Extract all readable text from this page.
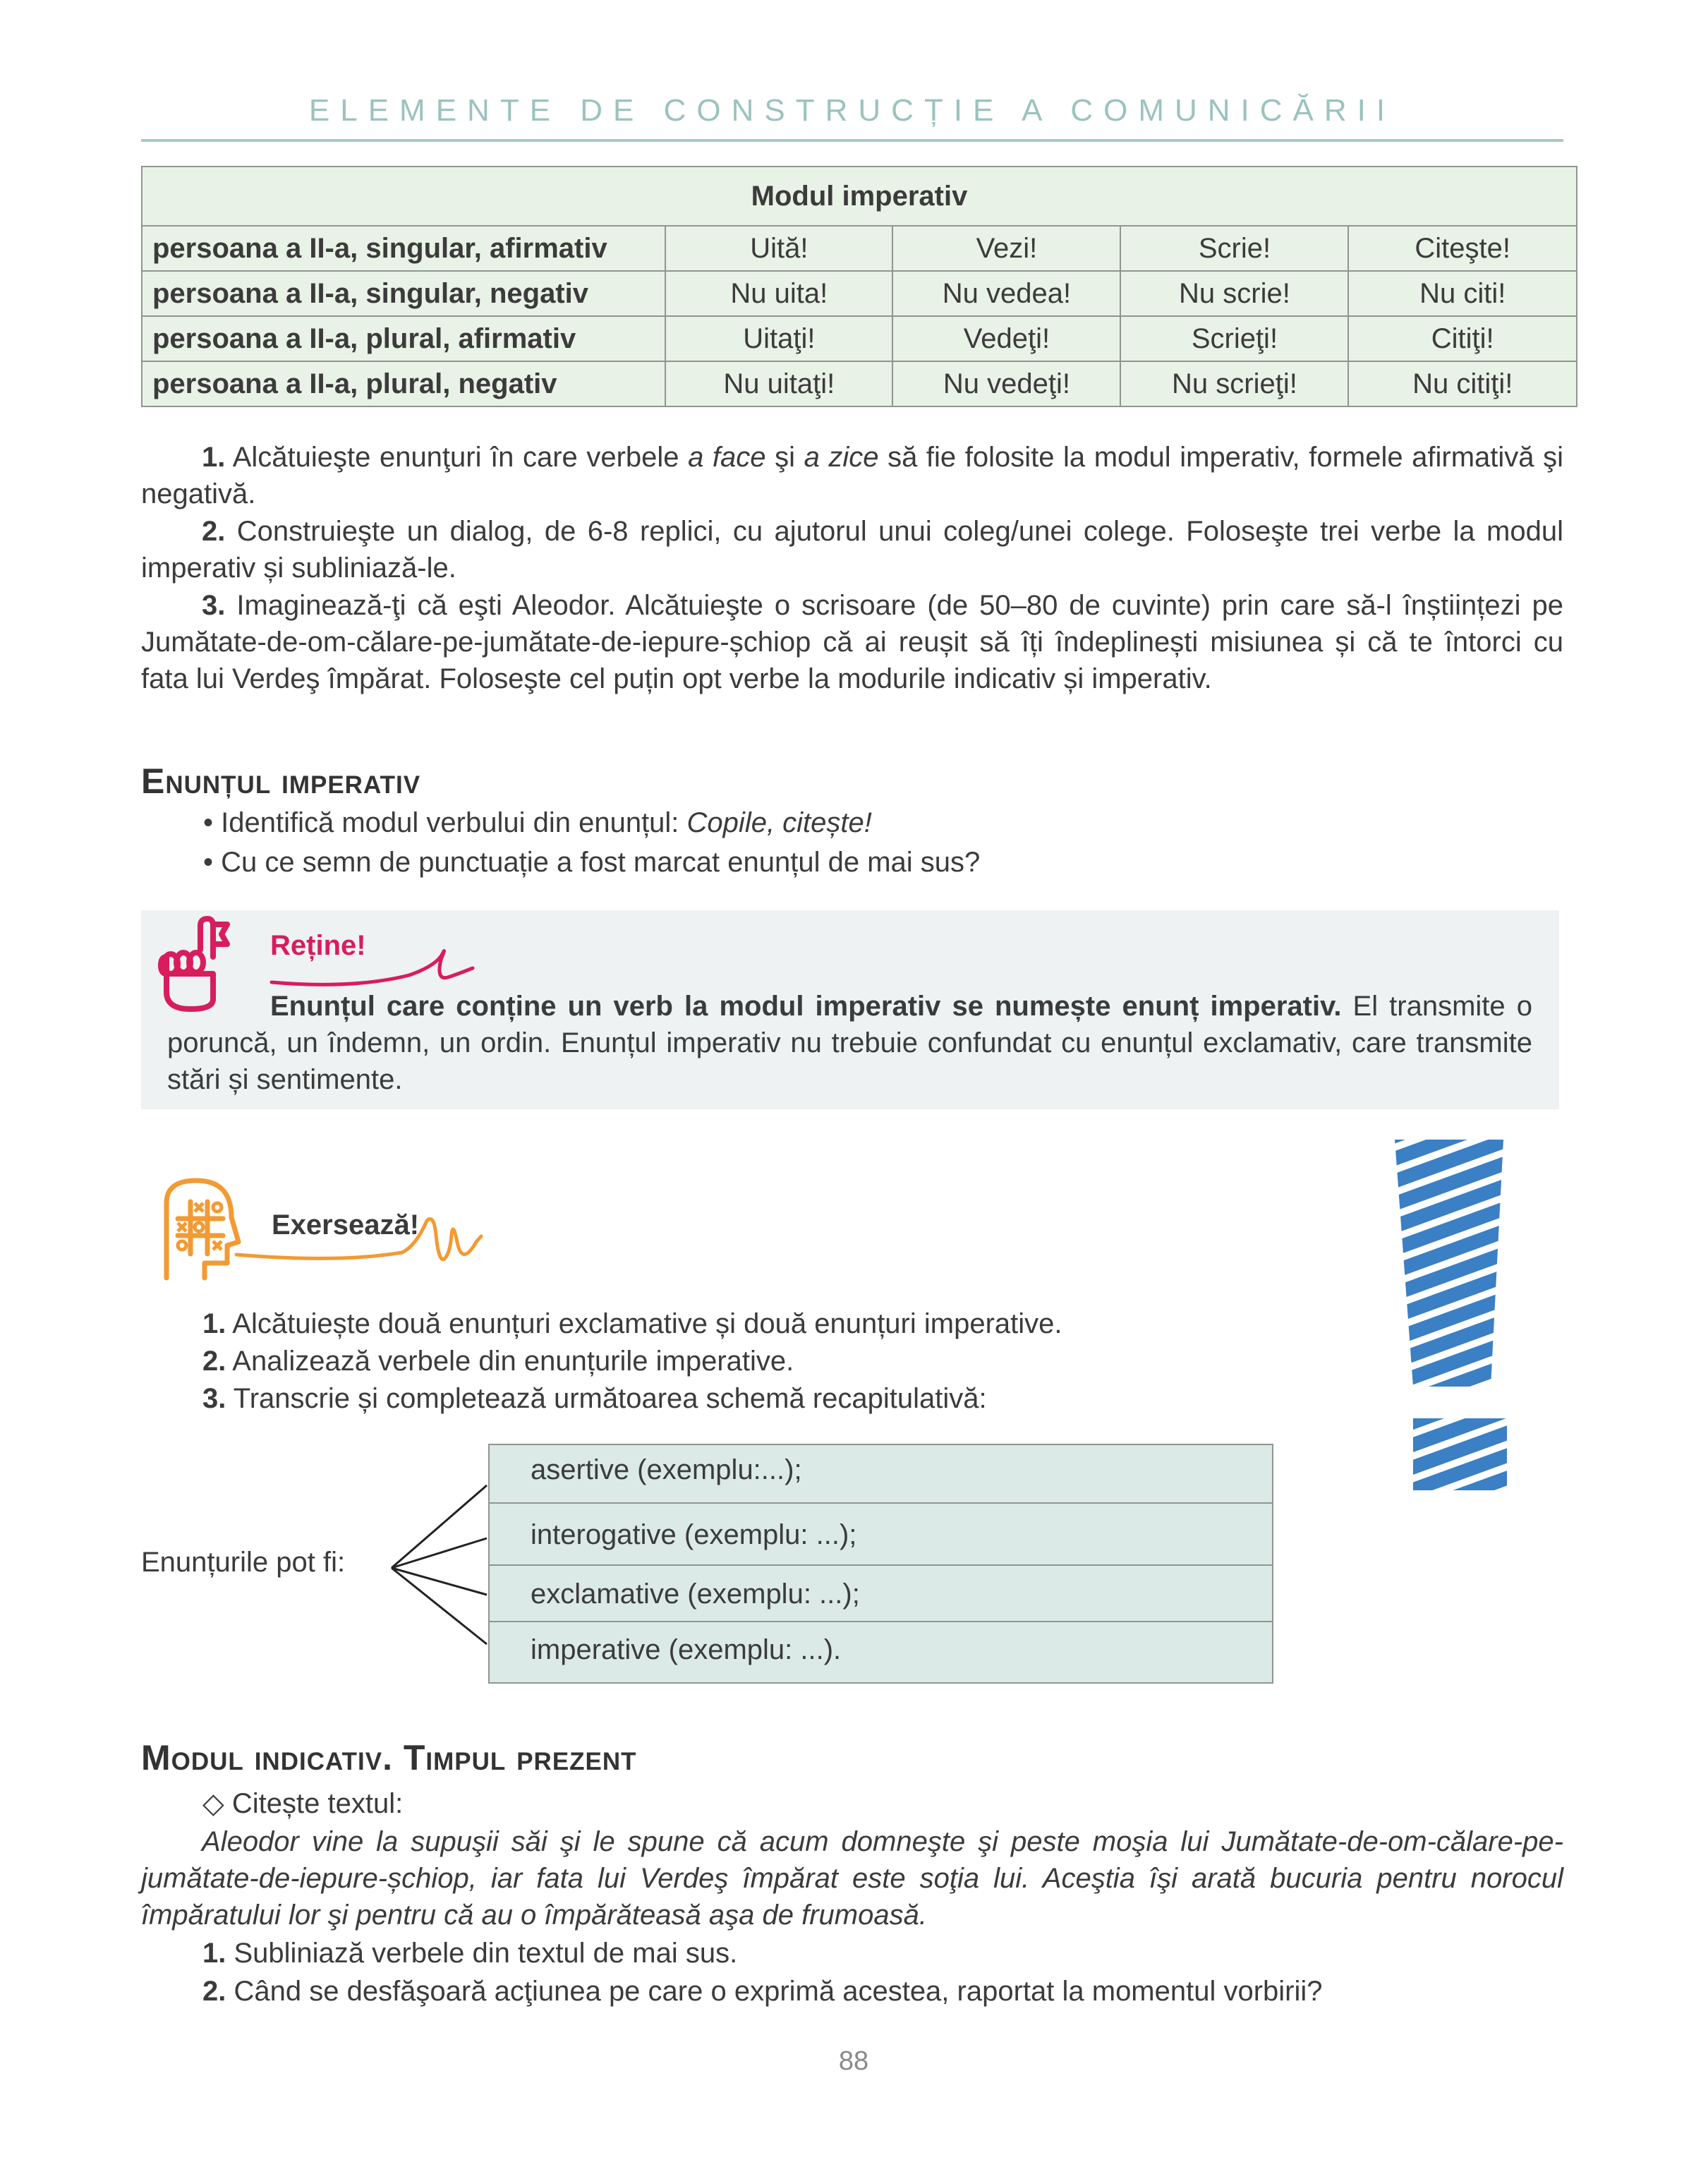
ELEMENTE DE CONSTRUCȚIE A COMUNICĂRII
Modul imperativ				
persoana a II-a, singular, afirmativ	Uită!	Vezi!	Scrie!	Citeşte!
persoana a II-a, singular, negativ	Nu uita!	Nu vedea!	Nu scrie!	Nu citi!
persoana a II-a, plural, afirmativ	Uitaţi!	Vedeţi!	Scrieţi!	Citiţi!
persoana a II-a, plural, negativ	Nu uitaţi!	Nu vedeţi!	Nu scrieţi!	Nu citiţi!
1. Alcătuieşte enunţuri în care verbele a face şi a zice să fie folosite la modul imperativ, formele afirmativă şi negativă.
2. Construieşte un dialog, de 6-8 replici, cu ajutorul unui coleg/unei colege. Foloseşte trei verbe la modul imperativ și subliniază-le.
3. Imaginează-ţi că eşti Aleodor. Alcătuieşte o scrisoare (de 50–80 de cuvinte) prin care să-l înștiințezi pe Jumătate-de-om-călare-pe-jumătate-de-iepure-șchiop că ai reușit să îți îndeplinești misiunea și că te întorci cu fata lui Verdeş împărat. Foloseşte cel puțin opt verbe la modurile indicativ și imperativ.
Enunțul imperativ
• Identifică modul verbului din enunțul: Copile, citește!
• Cu ce semn de punctuație a fost marcat enunțul de mai sus?
Reține!
Enunțul care conține un verb la modul imperativ se numește enunț imperativ. El transmite o poruncă, un îndemn, un ordin. Enunțul imperativ nu trebuie confundat cu enunțul exclamativ, care transmite stări și sentimente.
Exersează!
1. Alcătuiește două enunțuri exclamative și două enunțuri imperative.
2. Analizează verbele din enunțurile imperative.
3. Transcrie și completează următoarea schemă recapitulativă:
Enunțurile pot fi:
asertive (exemplu:...);
interogative (exemplu: ...);
exclamative (exemplu: ...);
imperative (exemplu: ...).
Modul indicativ. Timpul prezent
◇ Citește textul:
Aleodor vine la supuşii săi şi le spune că acum domneşte şi peste moşia lui Jumătate-de-om-călare-pe-jumătate-de-iepure-șchiop, iar fata lui Verdeş împărat este soţia lui. Aceştia îşi arată bucuria pentru norocul împăratului lor şi pentru că au o împărăteasă aşa de frumoasă.
1. Subliniază verbele din textul de mai sus.
2. Când se desfăşoară acţiunea pe care o exprimă acestea, raportat la momentul vorbirii?
88
